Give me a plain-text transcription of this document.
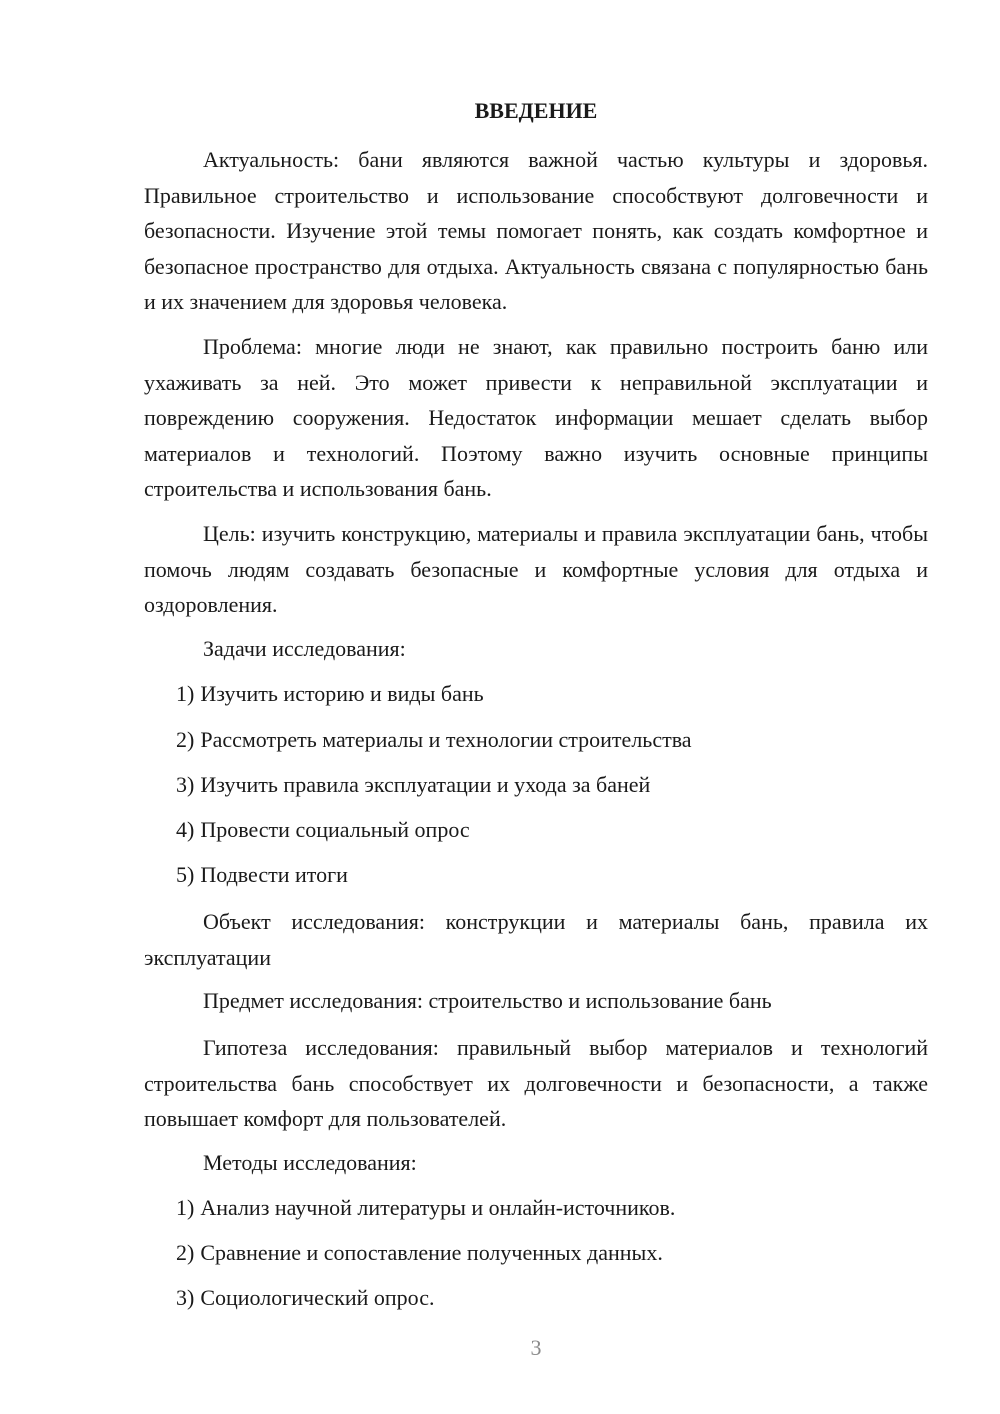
ВВЕДЕНИЕ

Актуальность: бани являются важной частью культуры и здоровья. Правильное строительство и использование способствуют долговечности и безопасности. Изучение этой темы помогает понять, как создать комфортное и безопасное пространство для отдыха. Актуальность связана с популярностью бань и их значением для здоровья человека.

Проблема: многие люди не знают, как правильно построить баню или ухаживать за ней. Это может привести к неправильной эксплуатации и повреждению сооружения. Недостаток информации мешает сделать выбор материалов и технологий. Поэтому важно изучить основные принципы строительства и использования бань.

Цель: изучить конструкцию, материалы и правила эксплуатации бань, чтобы помочь людям создавать безопасные и комфортные условия для отдыха и оздоровления.

Задачи исследования:
1) Изучить историю и виды бань
2) Рассмотреть материалы и технологии строительства
3) Изучить правила эксплуатации и ухода за баней
4) Провести социальный опрос
5) Подвести итоги

Объект исследования: конструкции и материалы бань, правила их эксплуатации

Предмет исследования: строительство и использование бань

Гипотеза исследования: правильный выбор материалов и технологий строительства бань способствует их долговечности и безопасности, а также повышает комфорт для пользователей.

Методы исследования:
1) Анализ научной литературы и онлайн-источников.
2) Сравнение и сопоставление полученных данных.
3) Социологический опрос.
3
